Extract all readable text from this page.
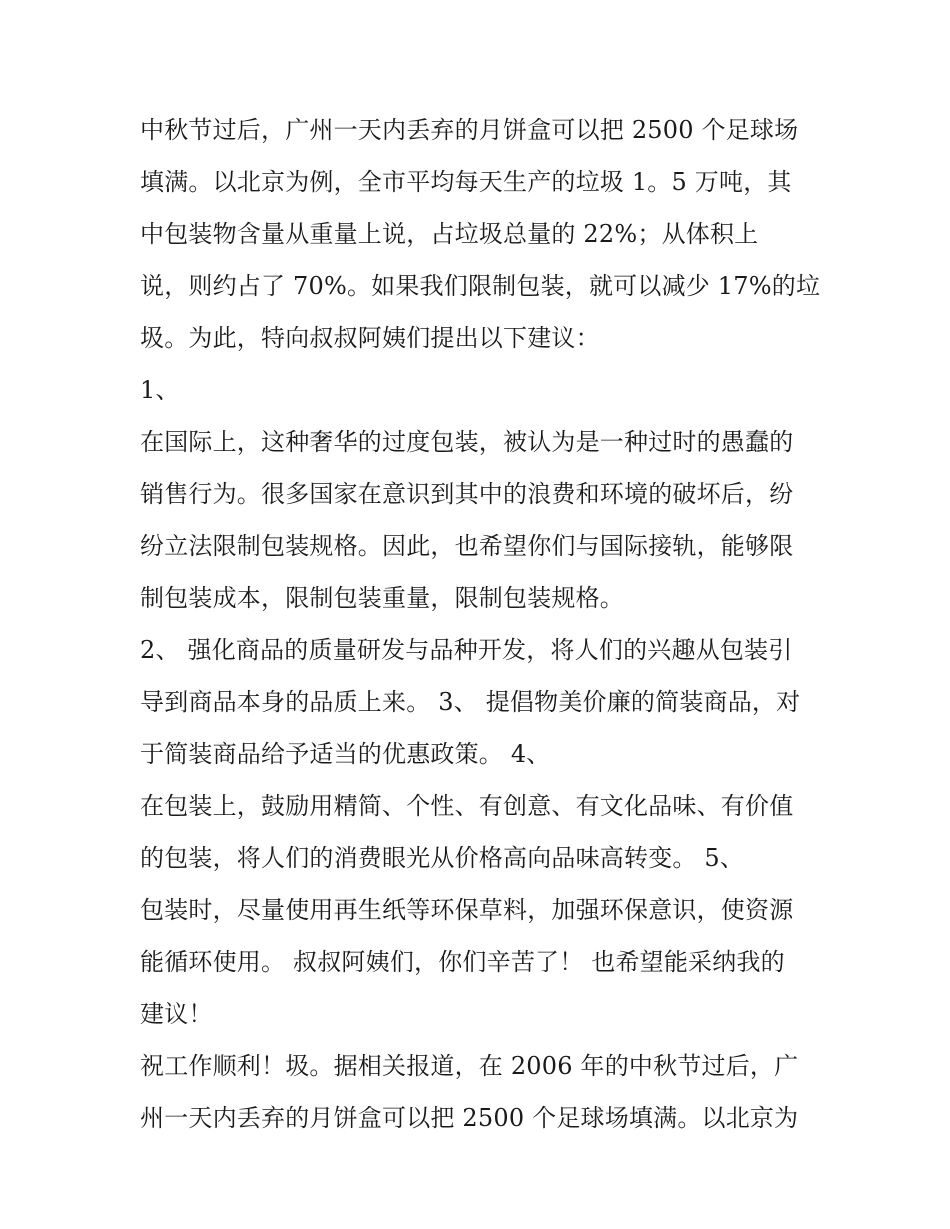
中秋节过后，广州一天内丢弃的月饼盒可以把 2500 个足球场
填满。以北京为例，全市平均每天生产的垃圾 1。5 万吨，其
中包装物含量从重量上说，占垃圾总量的 22%；从体积上
说，则约占了 70%。如果我们限制包装，就可以减少 17%的垃
圾。为此，特向叔叔阿姨们提出以下建议：
1、
在国际上，这种奢华的过度包装，被认为是一种过时的愚蠢的
销售行为。很多国家在意识到其中的浪费和环境的破坏后，纷
纷立法限制包装规格。因此，也希望你们与国际接轨，能够限
制包装成本，限制包装重量，限制包装规格。
2、 强化商品的质量研发与品种开发，将人们的兴趣从包装引
导到商品本身的品质上来。 3、 提倡物美价廉的简装商品，对
于简装商品给予适当的优惠政策。 4、
在包装上，鼓励用精简、个性、有创意、有文化品味、有价值
的包装，将人们的消费眼光从价格高向品味高转变。 5、
包装时，尽量使用再生纸等环保草料，加强环保意识，使资源
能循环使用。 叔叔阿姨们，你们辛苦了！ 也希望能采纳我的
建议！
祝工作顺利！圾。据相关报道，在 2006 年的中秋节过后，广
州一天内丢弃的月饼盒可以把 2500 个足球场填满。以北京为
